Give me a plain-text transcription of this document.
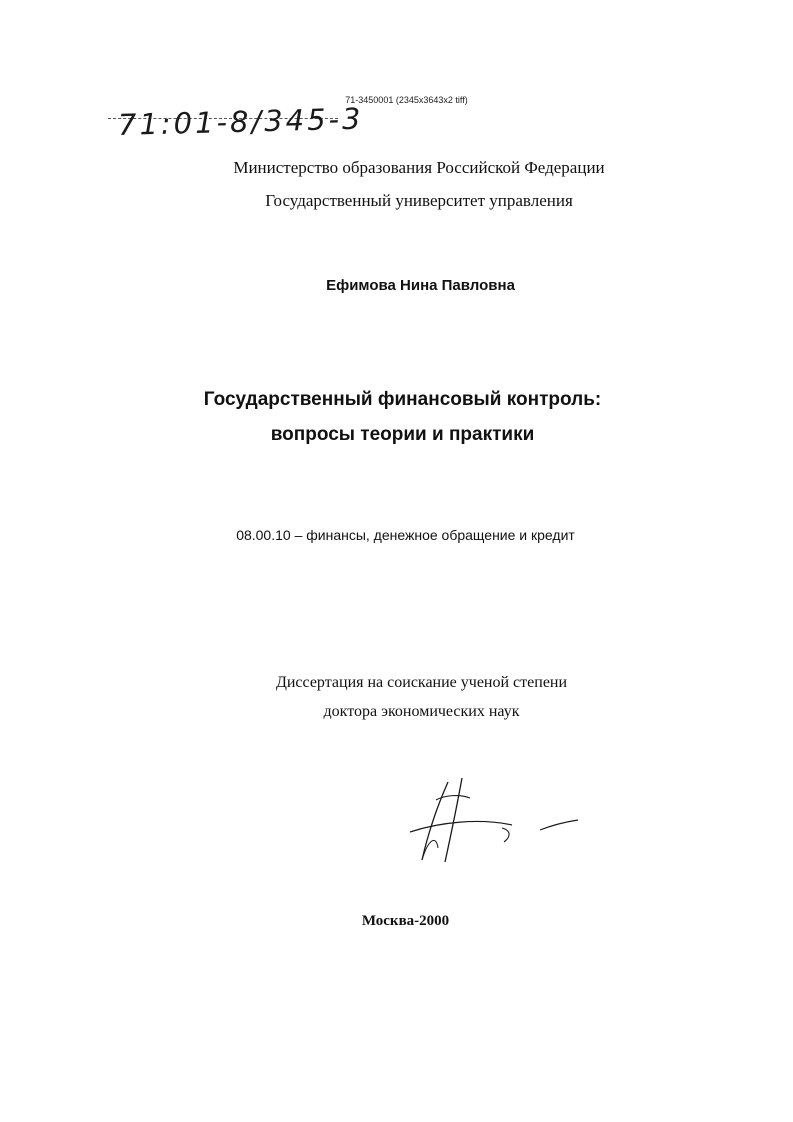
71-3450001 (2345x3643x2 tiff)
71:01-8/345-3
Министерство образования Российской Федерации
Государственный университет управления
Ефимова Нина Павловна
Государственный финансовый контроль:
вопросы теории и практики
08.00.10 – финансы, денежное обращение и кредит
Диссертация на соискание ученой степени
доктора экономических наук
Москва-2000
